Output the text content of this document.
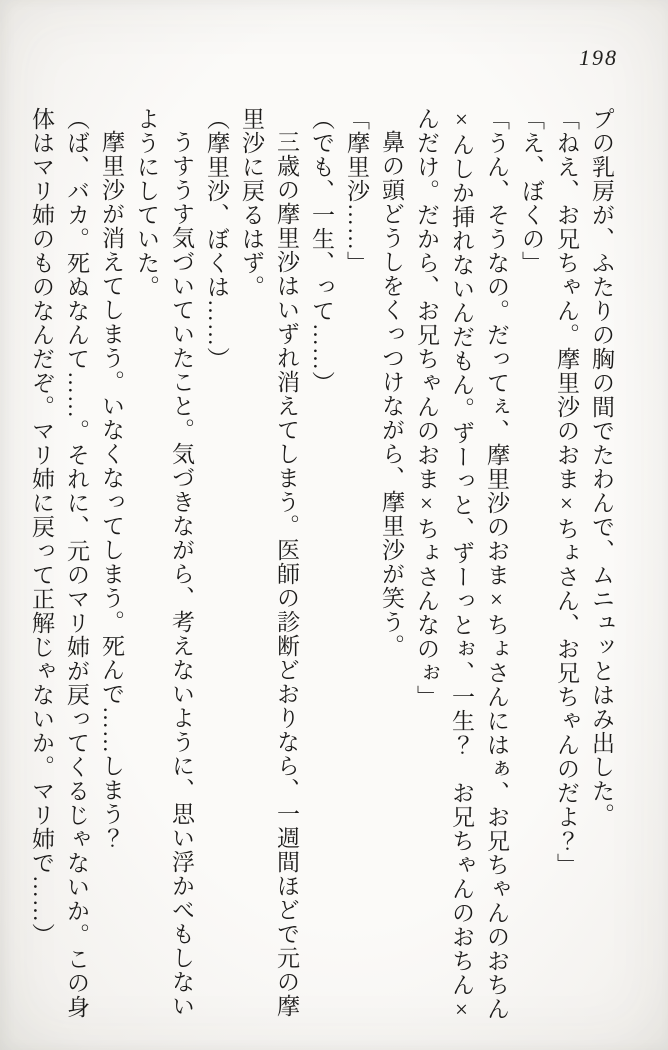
198

プの乳房が、ふたりの胸の間でたわんで、ムニュッとはみ出した。

「ねえ、お兄ちゃん。摩里沙のおま×ちょさん、お兄ちゃんのだよ？」

「え、ぼくの」

「うん、そうなの。だってぇ、摩里沙のおま×ちょさんにはぁ、お兄ちゃんのおちん

×んしか挿れないんだもん。ずーっと、ずーっとぉ、一生？　お兄ちゃんのおちん×

んだけ。だから、お兄ちゃんのおま×ちょさんなのぉ」

鼻の頭どうしをくっつけながら、摩里沙が笑う。

「摩里沙……」

（でも、一生、って……）

三歳の摩里沙はいずれ消えてしまう。医師の診断どおりなら、一週間ほどで元の摩

里沙に戻るはず。

（摩里沙、ぼくは……）

うすうす気づいていたこと。気づきながら、考えないように、思い浮かべもしない

ようにしていた。

摩里沙が消えてしまう。いなくなってしまう。死んで……しまう？

（ば、バカ。死ぬなんて……。それに、元のマリ姉が戻ってくるじゃないか。この身

体はマリ姉のものなんだぞ。マリ姉に戻って正解じゃないか。マリ姉で……）
